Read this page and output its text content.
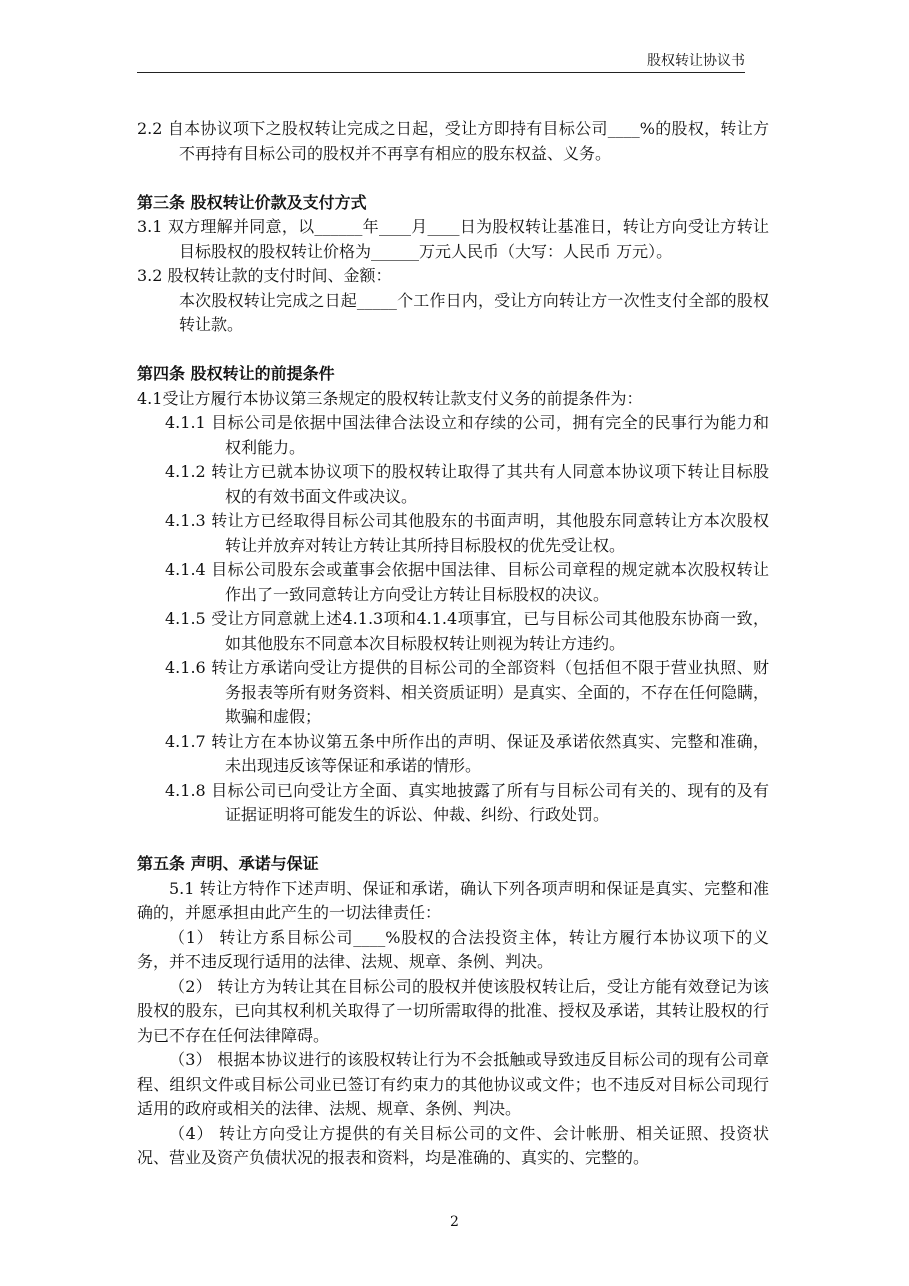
股权转让协议书

2.2 自本协议项下之股权转让完成之日起，受让方即持有目标公司____%的股权，转让方不再持有目标公司的股权并不再享有相应的股东权益、义务。

第三条 股权转让价款及支付方式

3.1 双方理解并同意，以______年____月____日为股权转让基准日，转让方向受让方转让目标股权的股权转让价格为______万元人民币（大写：人民币 万元）。

3.2 股权转让款的支付时间、金额：

本次股权转让完成之日起_____个工作日内，受让方向转让方一次性支付全部的股权转让款。

第四条 股权转让的前提条件

4.1受让方履行本协议第三条规定的股权转让款支付义务的前提条件为：

4.1.1 目标公司是依据中国法律合法设立和存续的公司，拥有完全的民事行为能力和权利能力。

4.1.2 转让方已就本协议项下的股权转让取得了其共有人同意本协议项下转让目标股权的有效书面文件或决议。

4.1.3 转让方已经取得目标公司其他股东的书面声明，其他股东同意转让方本次股权转让并放弃对转让方转让其所持目标股权的优先受让权。

4.1.4 目标公司股东会或董事会依据中国法律、目标公司章程的规定就本次股权转让作出了一致同意转让方向受让方转让目标股权的决议。

4.1.5 受让方同意就上述4.1.3项和4.1.4项事宜，已与目标公司其他股东协商一致，如其他股东不同意本次目标股权转让则视为转让方违约。

4.1.6 转让方承诺向受让方提供的目标公司的全部资料（包括但不限于营业执照、财务报表等所有财务资料、相关资质证明）是真实、全面的，不存在任何隐瞒，欺骗和虚假；

4.1.7 转让方在本协议第五条中所作出的声明、保证及承诺依然真实、完整和准确，未出现违反该等保证和承诺的情形。

4.1.8 目标公司已向受让方全面、真实地披露了所有与目标公司有关的、现有的及有证据证明将可能发生的诉讼、仲裁、纠纷、行政处罚。

第五条 声明、承诺与保证

5.1 转让方特作下述声明、保证和承诺，确认下列各项声明和保证是真实、完整和准确的，并愿承担由此产生的一切法律责任：

（1） 转让方系目标公司____%股权的合法投资主体，转让方履行本协议项下的义务，并不违反现行适用的法律、法规、规章、条例、判决。

（2） 转让方为转让其在目标公司的股权并使该股权转让后，受让方能有效登记为该股权的股东，已向其权利机关取得了一切所需取得的批准、授权及承诺，其转让股权的行为已不存在任何法律障碍。

（3） 根据本协议进行的该股权转让行为不会抵触或导致违反目标公司的现有公司章程、组织文件或目标公司业已签订有约束力的其他协议或文件；也不违反对目标公司现行适用的政府或相关的法律、法规、规章、条例、判决。

（4） 转让方向受让方提供的有关目标公司的文件、会计帐册、相关证照、投资状况、营业及资产负债状况的报表和资料，均是准确的、真实的、完整的。

2
